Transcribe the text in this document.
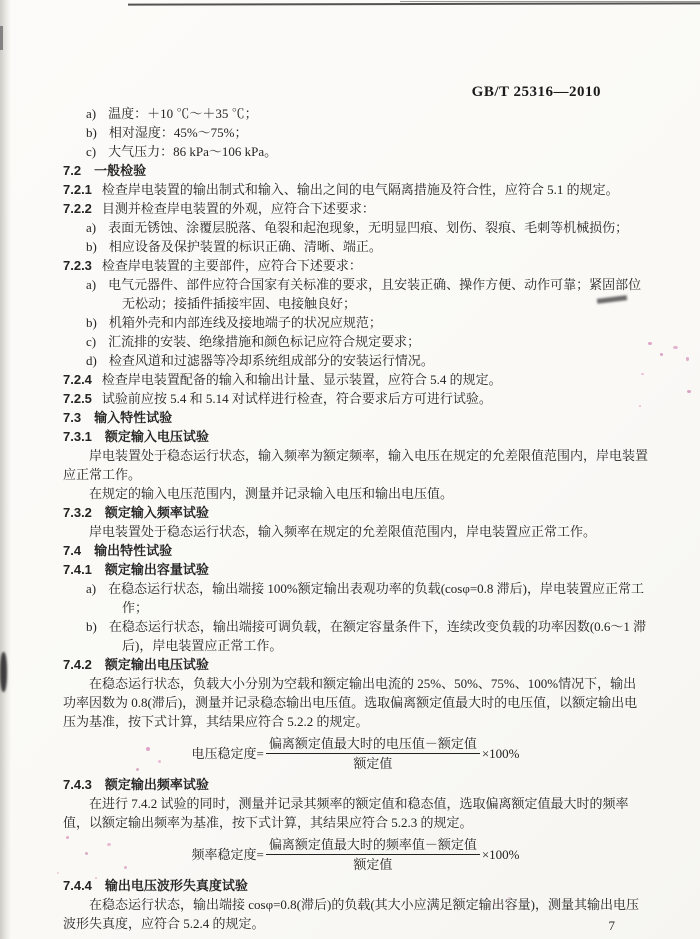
GB/T 25316—2010

a) 温度：＋10 ℃～＋35 ℃；

b) 相对湿度：45%～75%；

c) 大气压力：86 kPa～106 kPa。

7.2 一般检验

7.2.1 检查岸电装置的输出制式和输入、输出之间的电气隔离措施及符合性，应符合 5.1 的规定。

7.2.2 目测并检查岸电装置的外观，应符合下述要求：

a) 表面无锈蚀、涂覆层脱落、龟裂和起泡现象，无明显凹痕、划伤、裂痕、毛刺等机械损伤；

b) 相应设备及保护装置的标识正确、清晰、端正。

7.2.3 检查岸电装置的主要部件，应符合下述要求：

a) 电气元器件、部件应符合国家有关标准的要求，且安装正确、操作方便、动作可靠；紧固部位无松动；接插件插接牢固、电接触良好；

b) 机箱外壳和内部连线及接地端子的状况应规范；

c) 汇流排的安装、绝缘措施和颜色标记应符合规定要求；

d) 检查风道和过滤器等冷却系统组成部分的安装运行情况。

7.2.4 检查岸电装置配备的输入和输出计量、显示装置，应符合 5.4 的规定。

7.2.5 试验前应按 5.4 和 5.14 对试样进行检查，符合要求后方可进行试验。

7.3 输入特性试验

7.3.1 额定输入电压试验

岸电装置处于稳态运行状态，输入频率为额定频率，输入电压在规定的允差限值范围内，岸电装置应正常工作。

在规定的输入电压范围内，测量并记录输入电压和输出电压值。

7.3.2 额定输入频率试验

岸电装置处于稳态运行状态，输入频率在规定的允差限值范围内，岸电装置应正常工作。

7.4 输出特性试验

7.4.1 额定输出容量试验

a) 在稳态运行状态，输出端接 100%额定输出表观功率的负载(cosφ=0.8 滞后)，岸电装置应正常工作；

b) 在稳态运行状态，输出端接可调负载，在额定容量条件下，连续改变负载的功率因数(0.6～1 滞后)，岸电装置应正常工作。

7.4.2 额定输出电压试验

在稳态运行状态，负载大小分别为空载和额定输出电流的 25%、50%、75%、100%情况下，输出功率因数为 0.8(滞后)，测量并记录稳态输出电压值。选取偏离额定值最大时的电压值，以额定输出电压为基准，按下式计算，其结果应符合 5.2.2 的规定。

电压稳定度= $\frac{\text{偏离额定值最大时的电压值－额定值}}{\text{额定值}} \times 100\%$

7.4.3 额定输出频率试验

在进行 7.4.2 试验的同时，测量并记录其频率的额定值和稳态值，选取偏离额定值最大时的频率值，以额定输出频率为基准，按下式计算，其结果应符合 5.2.3 的规定。

频率稳定度= $\frac{\text{偏离额定值最大时的频率值－额定值}}{\text{额定值}} \times 100\%$

7.4.4 输出电压波形失真度试验

在稳态运行状态，输出端接 cosφ=0.8(滞后)的负载(其大小应满足额定输出容量)，测量其输出电压波形失真度，应符合 5.2.4 的规定。	7
